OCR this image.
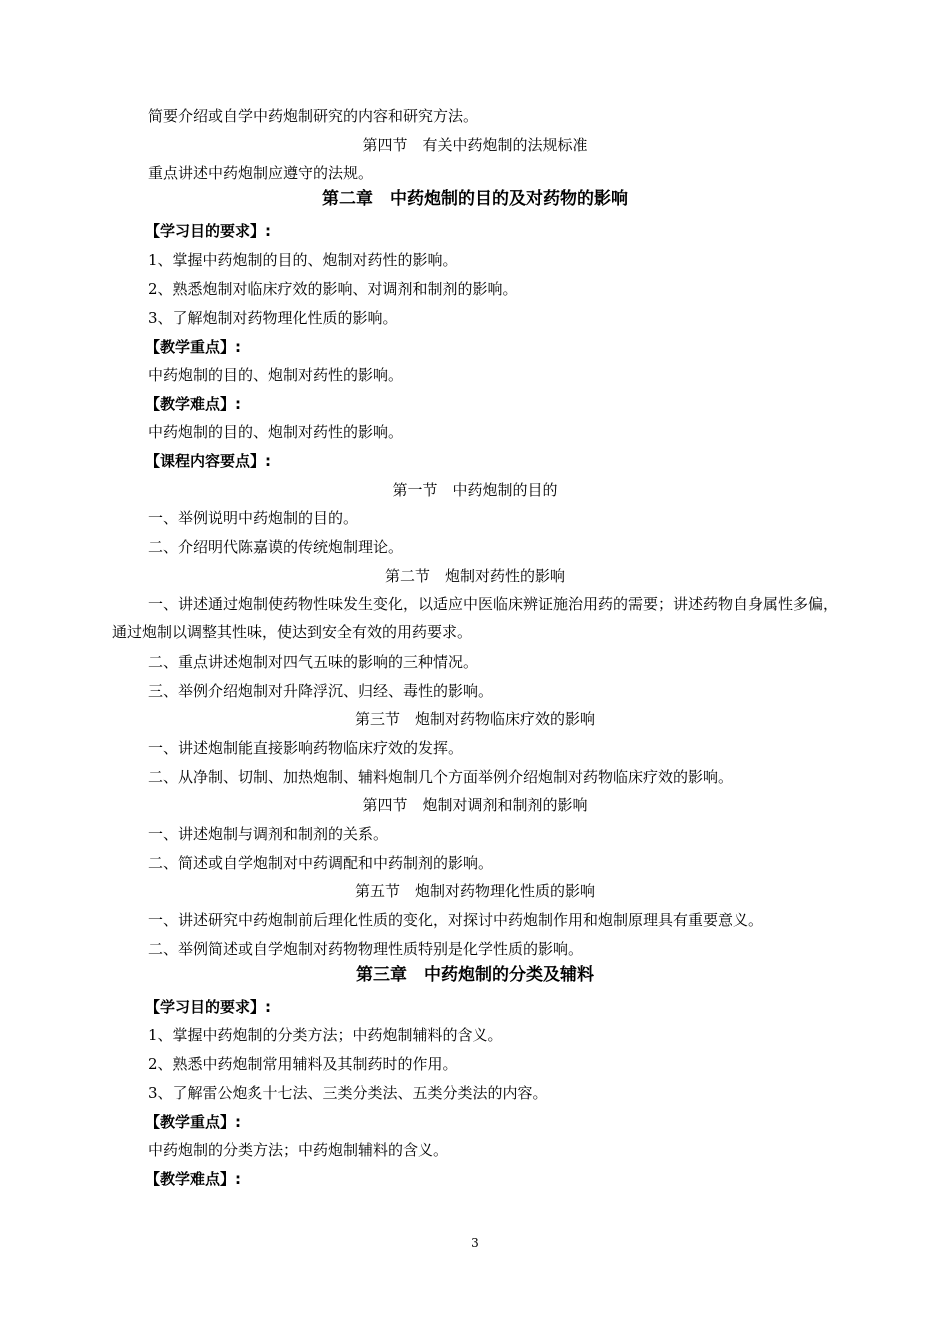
简要介绍或自学中药炮制研究的内容和研究方法。
第四节　有关中药炮制的法规标准
重点讲述中药炮制应遵守的法规。
第二章　中药炮制的目的及对药物的影响
【学习目的要求】:
1、掌握中药炮制的目的、炮制对药性的影响。
2、熟悉炮制对临床疗效的影响、对调剂和制剂的影响。
3、了解炮制对药物理化性质的影响。
【教学重点】:
中药炮制的目的、炮制对药性的影响。
【教学难点】:
中药炮制的目的、炮制对药性的影响。
【课程内容要点】:
第一节　中药炮制的目的
一、举例说明中药炮制的目的。
二、介绍明代陈嘉谟的传统炮制理论。
第二节　炮制对药性的影响
一、讲述通过炮制使药物性味发生变化，以适应中医临床辨证施治用药的需要；讲述药物自身属性多偏，通过炮制以调整其性味，使达到安全有效的用药要求。
二、重点讲述炮制对四气五味的影响的三种情况。
三、举例介绍炮制对升降浮沉、归经、毒性的影响。
第三节　炮制对药物临床疗效的影响
一、讲述炮制能直接影响药物临床疗效的发挥。
二、从净制、切制、加热炮制、辅料炮制几个方面举例介绍炮制对药物临床疗效的影响。
第四节　炮制对调剂和制剂的影响
一、讲述炮制与调剂和制剂的关系。
二、简述或自学炮制对中药调配和中药制剂的影响。
第五节　炮制对药物理化性质的影响
一、讲述研究中药炮制前后理化性质的变化，对探讨中药炮制作用和炮制原理具有重要意义。
二、举例简述或自学炮制对药物物理性质特别是化学性质的影响。
第三章　中药炮制的分类及辅料
【学习目的要求】:
1、掌握中药炮制的分类方法；中药炮制辅料的含义。
2、熟悉中药炮制常用辅料及其制药时的作用。
3、了解雷公炮炙十七法、三类分类法、五类分类法的内容。
【教学重点】:
中药炮制的分类方法；中药炮制辅料的含义。
【教学难点】:
3
